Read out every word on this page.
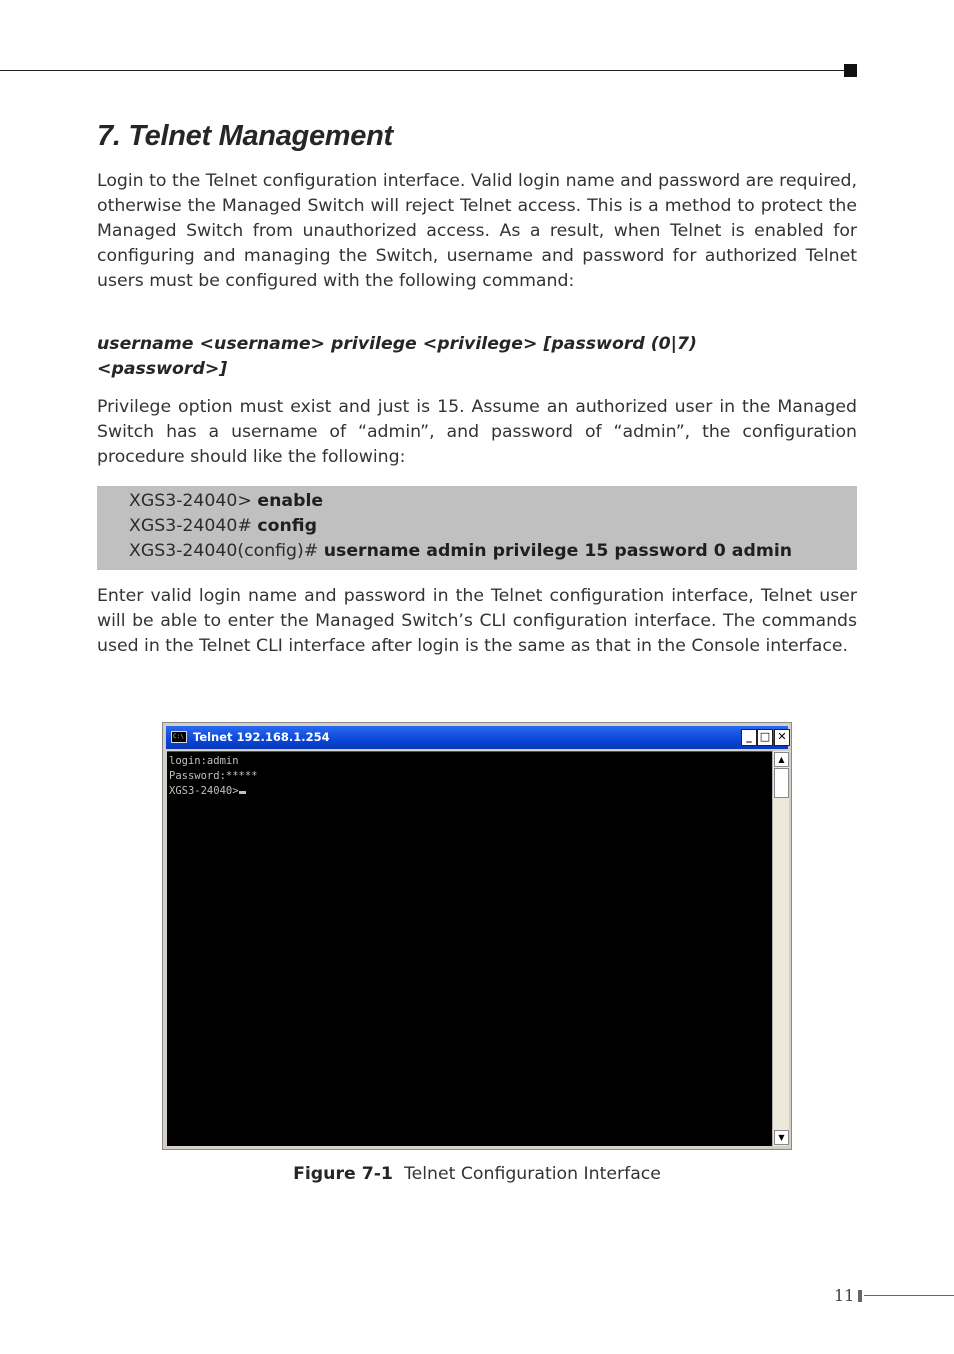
7. Telnet Management

Login to the Telnet configuration interface. Valid login name and password are required, otherwise the Managed Switch will reject Telnet access. This is a method to protect the Managed Switch from unauthorized access. As a result, when Telnet is enabled for configuring and managing the Switch, username and password for authorized Telnet users must be configured with the following command:

username <username> privilege <privilege> [password (0|7)
<password>]

Privilege option must exist and just is 15. Assume an authorized user in the Managed Switch has a username of “admin”, and password of “admin”, the configuration procedure should like the following:

XGS3-24040> enable
XGS3-24040# config
XGS3-24040(config)# username admin privilege 15 password 0 admin

Enter valid login name and password in the Telnet configuration interface, Telnet user will be able to enter the Managed Switch’s CLI configuration interface. The commands used in the Telnet CLI interface after login is the same as that in the Console interface.

C:\ Telnet 192.168.1.254	_ □ ✕
login:admin
Password:*****
XGS3-24040>
▲
▼
Figure 7-1 Telnet Configuration Interface
11
